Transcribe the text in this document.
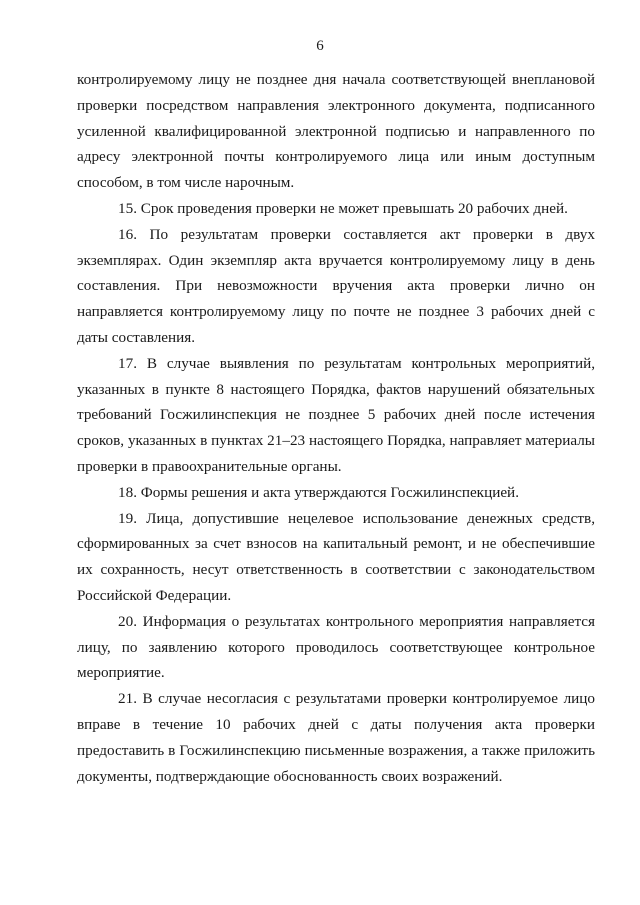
6

контролируемому лицу не позднее дня начала соответствующей внеплановой проверки посредством направления электронного документа, подписанного усиленной квалифицированной электронной подписью и направленного по адресу электронной почты контролируемого лица или иным доступным способом, в том числе нарочным.

15. Срок проведения проверки не может превышать 20 рабочих дней.

16. По результатам проверки составляется акт проверки в двух экземплярах. Один экземпляр акта вручается контролируемому лицу в день составления. При невозможности вручения акта проверки лично он направляется контролируемому лицу по почте не позднее 3 рабочих дней с даты составления.

17. В случае выявления по результатам контрольных мероприятий, указанных в пункте 8 настоящего Порядка, фактов нарушений обязательных требований Госжилинспекция не позднее 5 рабочих дней после истечения сроков, указанных в пунктах 21–23 настоящего Порядка, направляет материалы проверки в правоохранительные органы.

18. Формы решения и акта утверждаются Госжилинспекцией.

19. Лица, допустившие нецелевое использование денежных средств, сформированных за счет взносов на капитальный ремонт, и не обеспечившие их сохранность, несут ответственность в соответствии с законодательством Российской Федерации.

20. Информация о результатах контрольного мероприятия направляется лицу, по заявлению которого проводилось соответствующее контрольное мероприятие.

21. В случае несогласия с результатами проверки контролируемое лицо вправе в течение 10 рабочих дней с даты получения акта проверки предоставить в Госжилинспекцию письменные возражения, а также приложить документы, подтверждающие обоснованность своих возражений.
